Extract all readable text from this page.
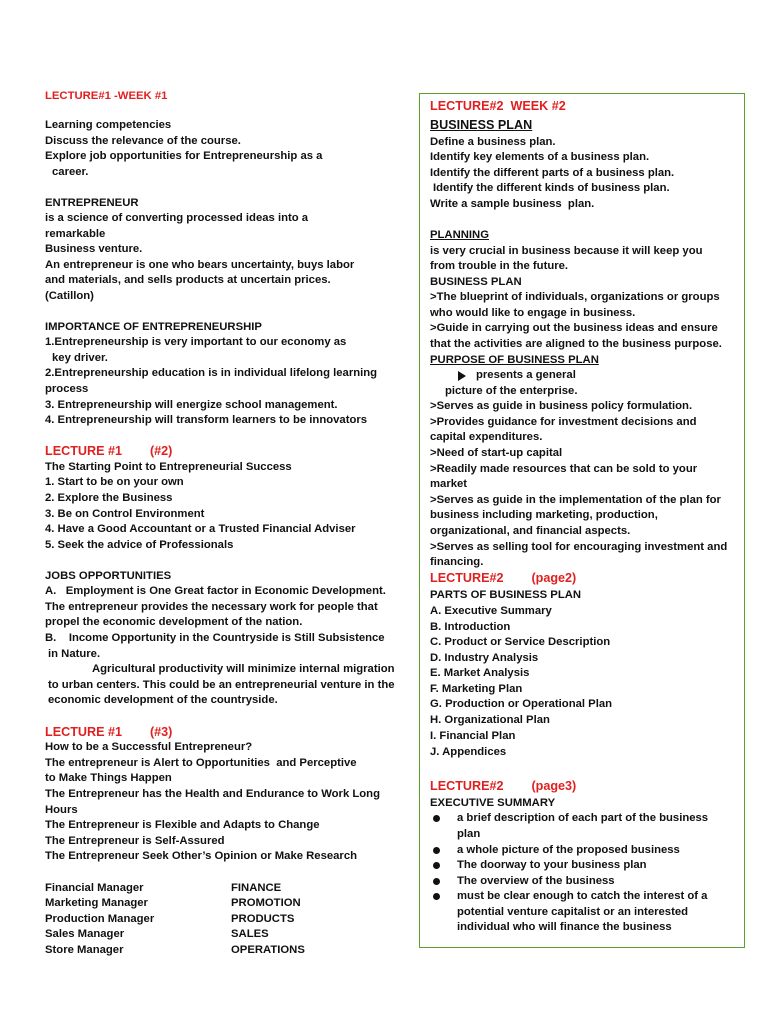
LECTURE#1 -WEEK #1
Learning competencies
Discuss the relevance of the course.
Explore job opportunities for Entrepreneurship as a
career.
ENTREPRENEUR
is a science of converting processed ideas into a
remarkable
Business venture.
An entrepreneur is one who bears uncertainty, buys labor
and materials, and sells products at uncertain prices.
(Catillon)
IMPORTANCE OF ENTREPRENEURSHIP
1.Entrepreneurship is very important to our economy as
key driver.
2.Entrepreneurship education is in individual lifelong learning
process
3. Entrepreneurship will energize school management.
4. Entrepreneurship will transform learners to be innovators
LECTURE #1        (#2)
The Starting Point to Entrepreneurial Success
1. Start to be on your own
2. Explore the Business
3. Be on Control Environment
4. Have a Good Accountant or a Trusted Financial Adviser
5. Seek the advice of Professionals
JOBS OPPORTUNITIES
A.   Employment is One Great factor in Economic Development.
The entrepreneur provides the necessary work for people that
propel the economic development of the nation.
B.    Income Opportunity in the Countryside is Still Subsistence
in Nature.
Agricultural productivity will minimize internal migration
to urban centers. This could be an entrepreneurial venture in the
economic development of the countryside.
LECTURE #1        (#3)
How to be a Successful Entrepreneur?
The entrepreneur is Alert to Opportunities  and Perceptive
to Make Things Happen
The Entrepreneur has the Health and Endurance to Work Long
Hours
The Entrepreneur is Flexible and Adapts to Change
The Entrepreneur is Self-Assured
The Entrepreneur Seek Other’s Opinion or Make Research
Financial Manager	FINANCE
Marketing Manager	PROMOTION
Production Manager	PRODUCTS
Sales Manager	SALES
Store Manager	OPERATIONS
LECTURE#2  WEEK #2
BUSINESS PLAN
Define a business plan.
Identify key elements of a business plan.
Identify the different parts of a business plan.
Identify the different kinds of business plan.
Write a sample business  plan.
PLANNING
is very crucial in business because it will keep you
from trouble in the future.
BUSINESS PLAN
>The blueprint of individuals, organizations or groups
who would like to engage in business.
>Guide in carrying out the business ideas and ensure
that the activities are aligned to the business purpose.
PURPOSE OF BUSINESS PLAN
presents a general
picture of the enterprise.
>Serves as guide in business policy formulation.
>Provides guidance for investment decisions and
capital expenditures.
>Need of start-up capital
>Readily made resources that can be sold to your
market
>Serves as guide in the implementation of the plan for
business including marketing, production,
organizational, and financial aspects.
>Serves as selling tool for encouraging investment and
financing.
LECTURE#2        (page2)
PARTS OF BUSINESS PLAN
A. Executive Summary
B. Introduction
C. Product or Service Description
D. Industry Analysis
E. Market Analysis
F. Marketing Plan
G. Production or Operational Plan
H. Organizational Plan
I. Financial Plan
J. Appendices
LECTURE#2        (page3)
EXECUTIVE SUMMARY
a brief description of each part of the business
plan
a whole picture of the proposed business
The doorway to your business plan
The overview of the business
must be clear enough to catch the interest of a
potential venture capitalist or an interested
individual who will finance the business
